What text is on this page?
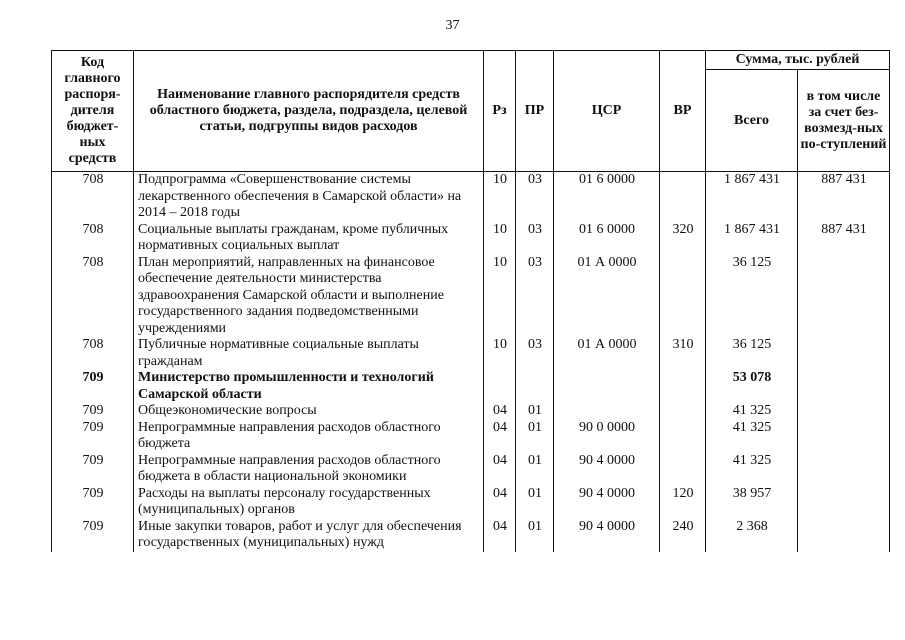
37
Код главного распоря-дителя бюджет-ных средств	Наименование главного распорядителя средств областного бюджета, раздела, подраздела, целевой статьи, подгруппы видов расходов	Рз	ПР	ЦСР	ВР	Сумма, тыс. рублей	
						Всего	в том числе за счет без-возмезд-ных по-ступлений
708	Подпрограмма «Совершенствование системы лекарственного обеспечения в Самарской области» на 2014 – 2018 годы	10	03	01 6 0000		1 867 431	887 431
708	Социальные выплаты гражданам, кроме публичных нормативных социальных выплат	10	03	01 6 0000	320	1 867 431	887 431
708	План мероприятий, направленных на финансовое обеспечение деятельности министерства здравоохранения Самарской области и выполнение государственного задания подведомственными учреждениями	10	03	01 А 0000		36 125	
708	Публичные нормативные социальные выплаты гражданам	10	03	01 А 0000	310	36 125	
709	Министерство промышленности и технологий Самарской области					53 078	
709	Общеэкономические вопросы	04	01			41 325	
709	Непрограммные направления расходов областного бюджета	04	01	90 0 0000		41 325	
709	Непрограммные направления расходов областного бюджета в области национальной экономики	04	01	90 4 0000		41 325	
709	Расходы на выплаты персоналу государственных (муниципальных) органов	04	01	90 4 0000	120	38 957	
709	Иные закупки товаров, работ и услуг для обеспечения государственных (муниципальных) нужд	04	01	90 4 0000	240	2 368	
